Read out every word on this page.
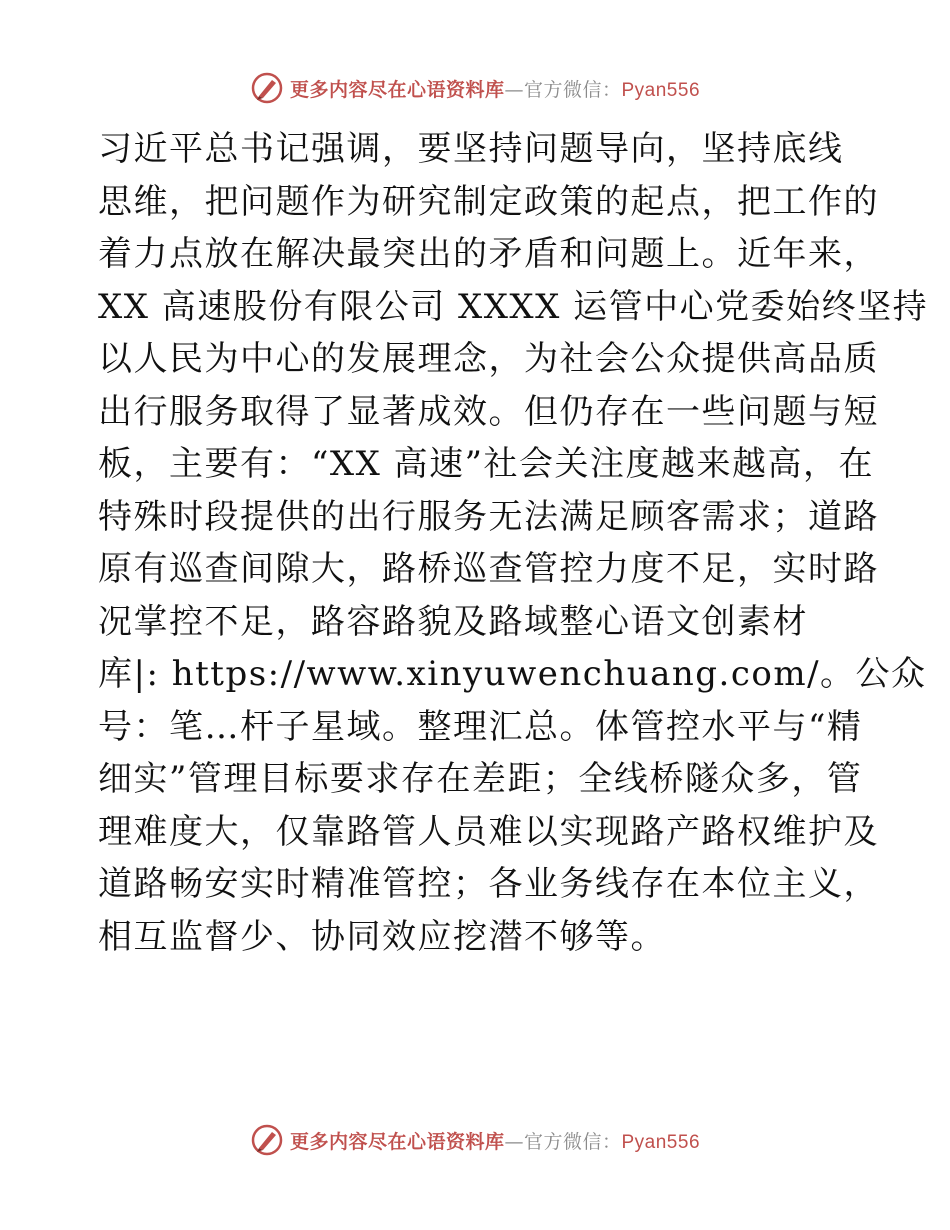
更多内容尽在心语资料库—官方微信：Pyan556
习近平总书记强调，要坚持问题导向，坚持底线
思维，把问题作为研究制定政策的起点，把工作的
着力点放在解决最突出的矛盾和问题上。近年来，
XX 高速股份有限公司 XXXX 运管中心党委始终坚持
以人民为中心的发展理念，为社会公众提供高品质
出行服务取得了显著成效。但仍存在一些问题与短
板，主要有：“XX 高速”社会关注度越来越高，在
特殊时段提供的出行服务无法满足顾客需求；道路
原有巡查间隙大，路桥巡查管控力度不足，实时路
况掌控不足，路容路貌及路域整心语文创素材
库|: https://www.xinyuwenchuang.com/。公众
号：笔…杆子星域。整理汇总。体管控水平与“精
细实”管理目标要求存在差距；全线桥隧众多，管
理难度大，仅靠路管人员难以实现路产路权维护及
道路畅安实时精准管控；各业务线存在本位主义，
相互监督少、协同效应挖潜不够等。
更多内容尽在心语资料库—官方微信：Pyan556
